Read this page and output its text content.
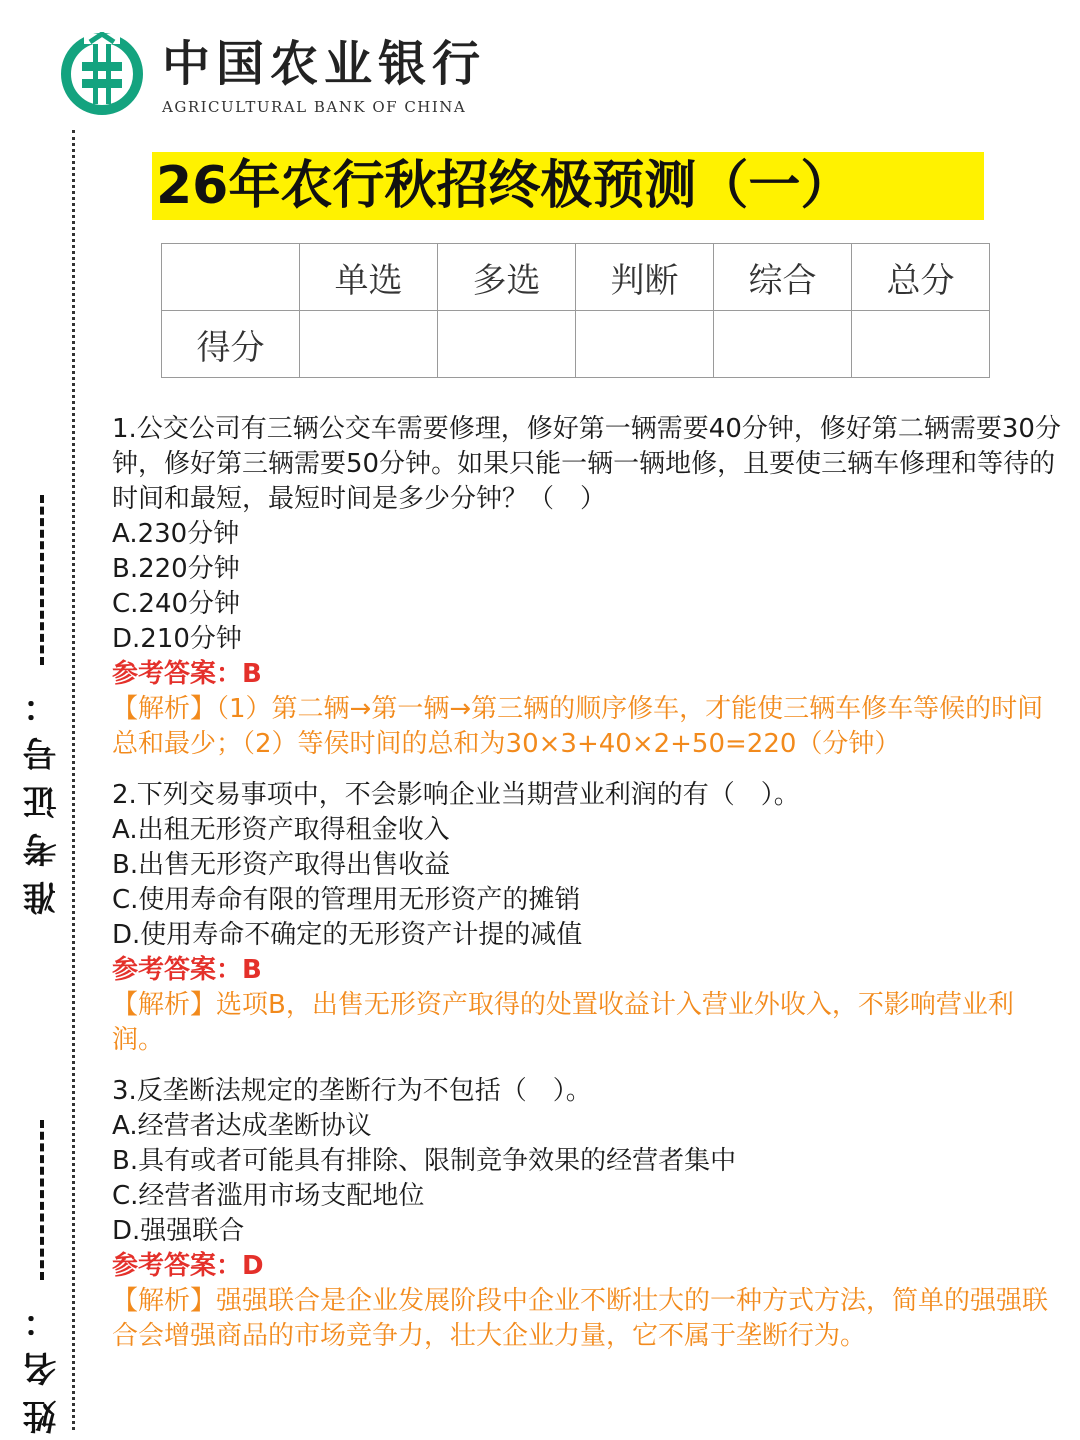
准考证号：
姓名：
中国农业银行
AGRICULTURAL BANK OF CHINA
26年农行秋招终极预测（一）
	单选	多选	判断	综合	总分
得分					
1.公交公司有三辆公交车需要修理，修好第一辆需要40分钟，修好第二辆需要30分钟，修好第三辆需要50分钟。如果只能一辆一辆地修，且要使三辆车修理和等待的时间和最短，最短时间是多少分钟？（　）
A.230分钟
B.220分钟
C.240分钟
D.210分钟
参考答案：B
【解析】（1）第二辆→第一辆→第三辆的顺序修车，才能使三辆车修车等候的时间总和最少；（2）等侯时间的总和为30×3+40×2+50=220（分钟）
2.下列交易事项中，不会影响企业当期营业利润的有（　）。
A.出租无形资产取得租金收入
B.出售无形资产取得出售收益
C.使用寿命有限的管理用无形资产的摊销
D.使用寿命不确定的无形资产计提的减值
参考答案：B
【解析】选项B，出售无形资产取得的处置收益计入营业外收入，不影响营业利润。
3.反垄断法规定的垄断行为不包括（　）。
A.经营者达成垄断协议
B.具有或者可能具有排除、限制竞争效果的经营者集中
C.经营者滥用市场支配地位
D.强强联合
参考答案：D
【解析】强强联合是企业发展阶段中企业不断壮大的一种方式方法，简单的强强联合会增强商品的市场竞争力，壮大企业力量，它不属于垄断行为。
